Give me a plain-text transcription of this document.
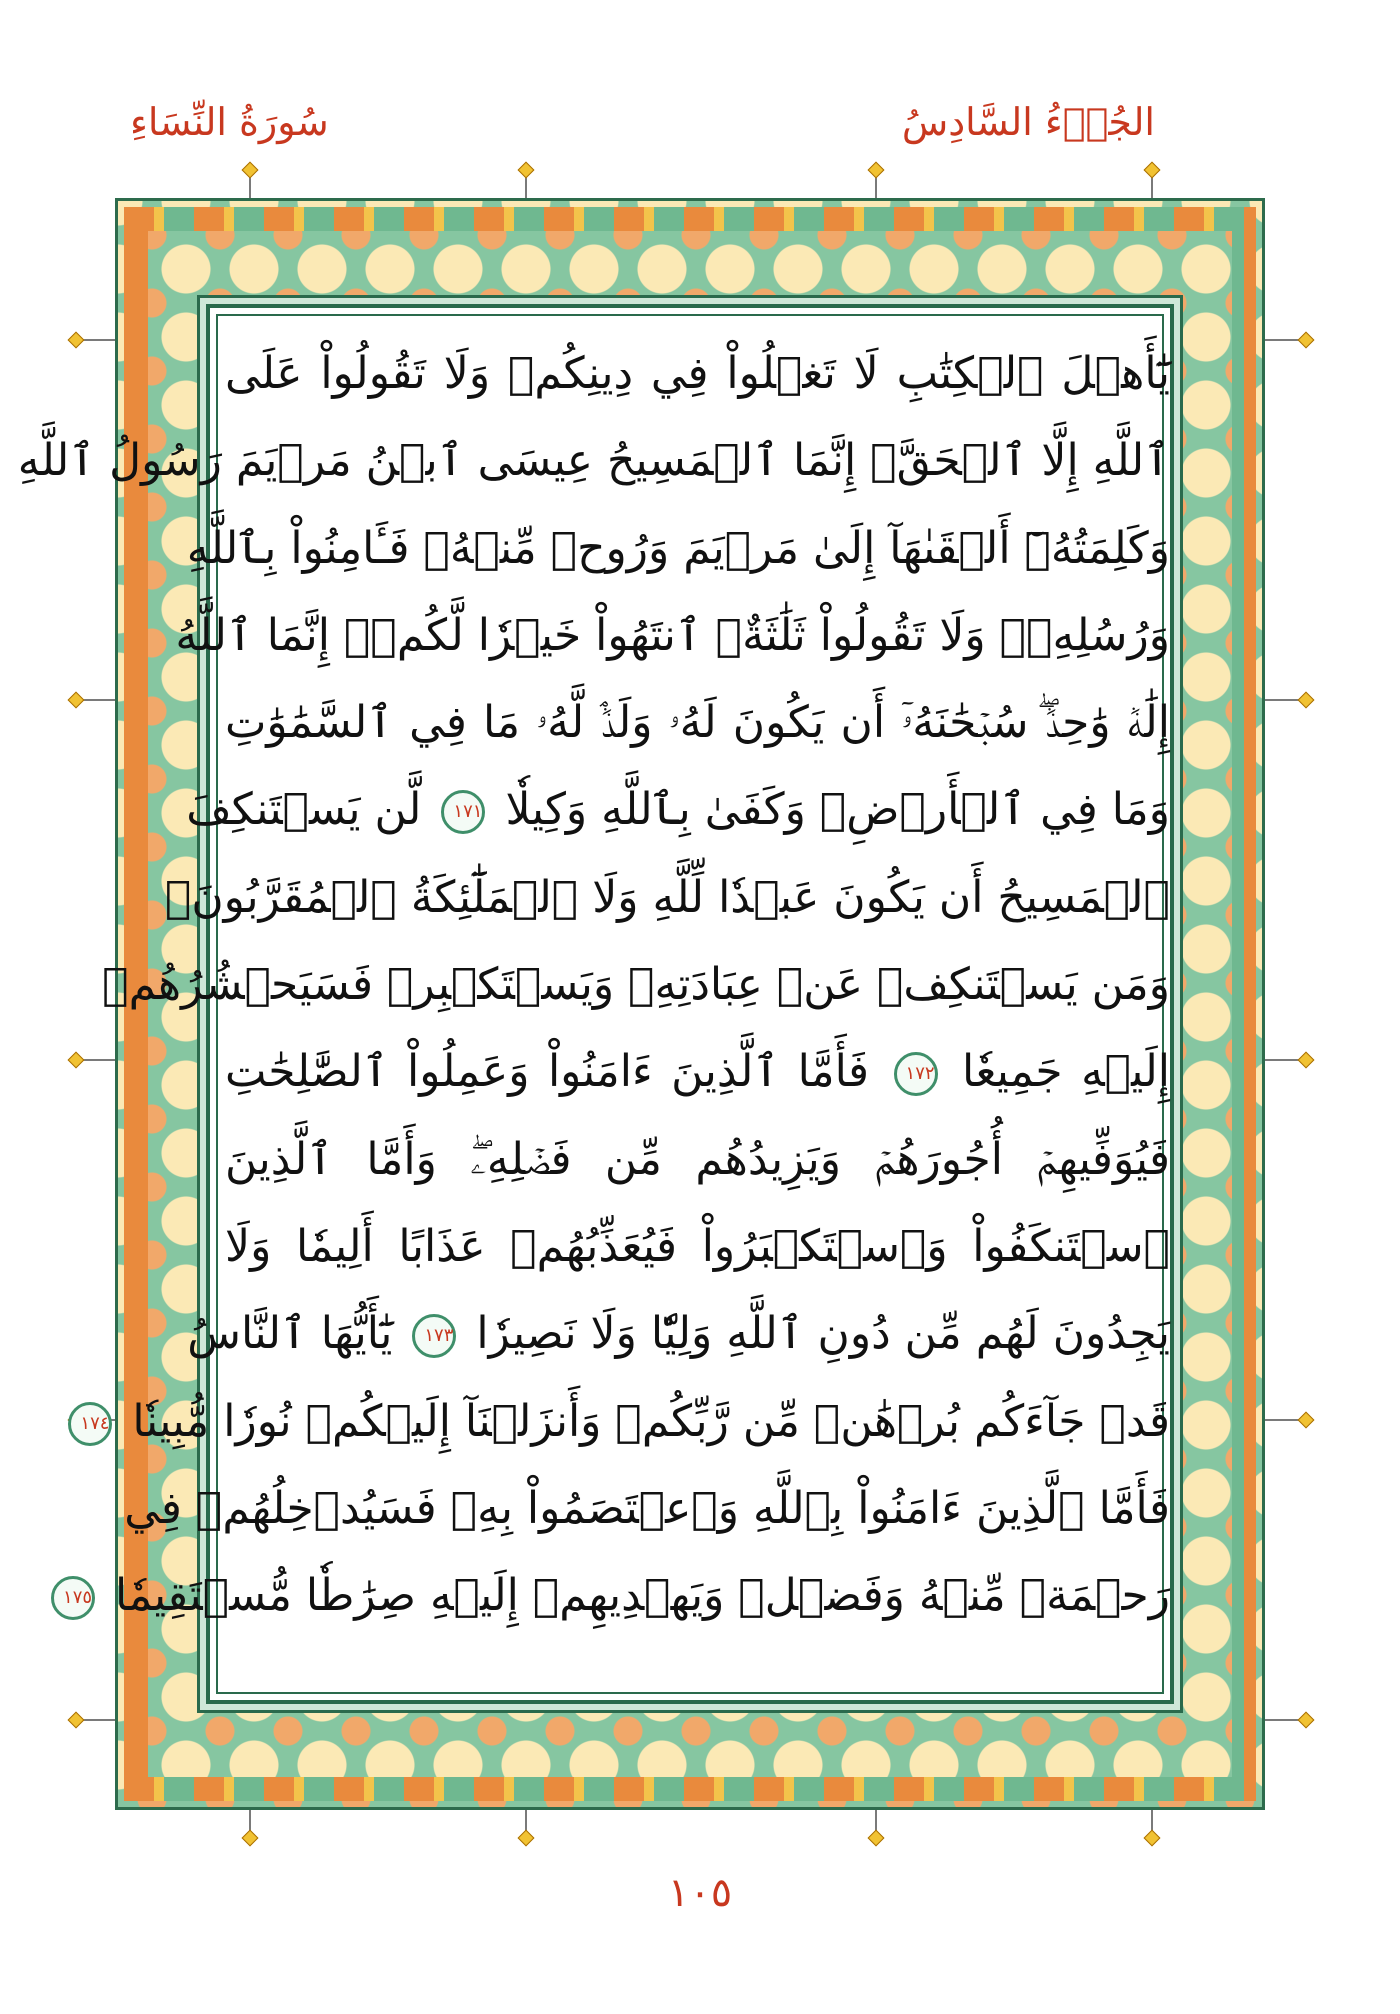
الجُزۡءُ السَّادِسُ
سُورَةُ النِّسَاءِ
يَٰٓأَهۡلَ ٱلۡكِتَٰبِ لَا تَغۡلُواْ فِي دِينِكُمۡ وَلَا تَقُولُواْ عَلَى
ٱللَّهِ إِلَّا ٱلۡحَقَّۚ إِنَّمَا ٱلۡمَسِيحُ عِيسَى ٱبۡنُ مَرۡيَمَ رَسُولُ ٱللَّهِ
وَكَلِمَتُهُۥٓ أَلۡقَىٰهَآ إِلَىٰ مَرۡيَمَ وَرُوحٞ مِّنۡهُۖ فَـَٔامِنُواْ بِٱللَّهِ
وَرُسُلِهِۦۖ وَلَا تَقُولُواْ ثَلَٰثَةٌۚ ٱنتَهُواْ خَيۡرٗا لَّكُمۡۚ إِنَّمَا ٱللَّهُ
إِلَٰهٞ وَٰحِدٞۖ سُبۡحَٰنَهُۥٓ أَن يَكُونَ لَهُۥ وَلَدٞۘ لَّهُۥ مَا فِي ٱلسَّمَٰوَٰتِ
وَمَا فِي ٱلۡأَرۡضِۗ وَكَفَىٰ بِٱللَّهِ وَكِيلٗا ١٧١ لَّن يَسۡتَنكِفَ
ٱلۡمَسِيحُ أَن يَكُونَ عَبۡدٗا لِّلَّهِ وَلَا ٱلۡمَلَٰٓئِكَةُ ٱلۡمُقَرَّبُونَۚ
وَمَن يَسۡتَنكِفۡ عَنۡ عِبَادَتِهِۦ وَيَسۡتَكۡبِرۡ فَسَيَحۡشُرُهُمۡ
إِلَيۡهِ جَمِيعٗا ١٧٢ فَأَمَّا ٱلَّذِينَ ءَامَنُواْ وَعَمِلُواْ ٱلصَّٰلِحَٰتِ
فَيُوَفِّيهِمۡ أُجُورَهُمۡ وَيَزِيدُهُم مِّن فَضۡلِهِۦۖ وَأَمَّا ٱلَّذِينَ
ٱسۡتَنكَفُواْ وَٱسۡتَكۡبَرُواْ فَيُعَذِّبُهُمۡ عَذَابًا أَلِيمٗا وَلَا
يَجِدُونَ لَهُم مِّن دُونِ ٱللَّهِ وَلِيّٗا وَلَا نَصِيرٗا ١٧٣ يَٰٓأَيُّهَا ٱلنَّاسُ
قَدۡ جَآءَكُم بُرۡهَٰنٞ مِّن رَّبِّكُمۡ وَأَنزَلۡنَآ إِلَيۡكُمۡ نُورٗا مُّبِينٗا ١٧٤
فَأَمَّا ٱلَّذِينَ ءَامَنُواْ بِٱللَّهِ وَٱعۡتَصَمُواْ بِهِۦ فَسَيُدۡخِلُهُمۡ فِي
رَحۡمَةٖ مِّنۡهُ وَفَضۡلٖ وَيَهۡدِيهِمۡ إِلَيۡهِ صِرَٰطٗا مُّسۡتَقِيمٗا ١٧٥
١٠٥
